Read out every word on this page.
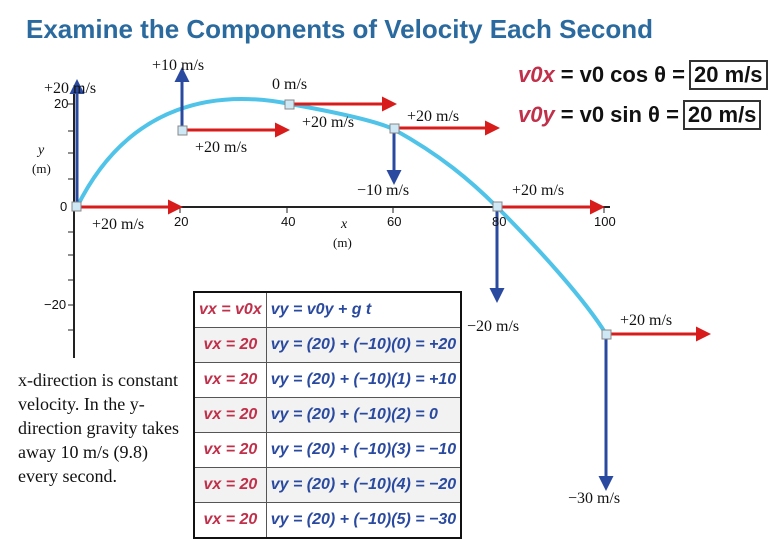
Examine the Components of Velocity Each Second
v0x = v0 cos θ = 20 m/s
v0y = v0 sin θ = 20 m/s
20
0
−20
y
(m)
20	40	60	80	100
x
(m)
+20 m/s
+20 m/s
+10 m/s
+20 m/s
0 m/s
+20 m/s
−10 m/s
+20 m/s
−20 m/s
+20 m/s
−30 m/s
+20 m/s
vx = v0x	vy = v0y + g t
vx = 20	vy = (20) + (−10)(0) = +20
vx = 20	vy = (20) + (−10)(1) = +10
vx = 20	vy = (20) + (−10)(2) = 0
vx = 20	vy = (20) + (−10)(3) = −10
vx = 20	vy = (20) + (−10)(4) = −20
vx = 20	vy = (20) + (−10)(5) = −30
x-direction is constant velocity. In the y-direction gravity takes away 10 m/s (9.8) every second.
